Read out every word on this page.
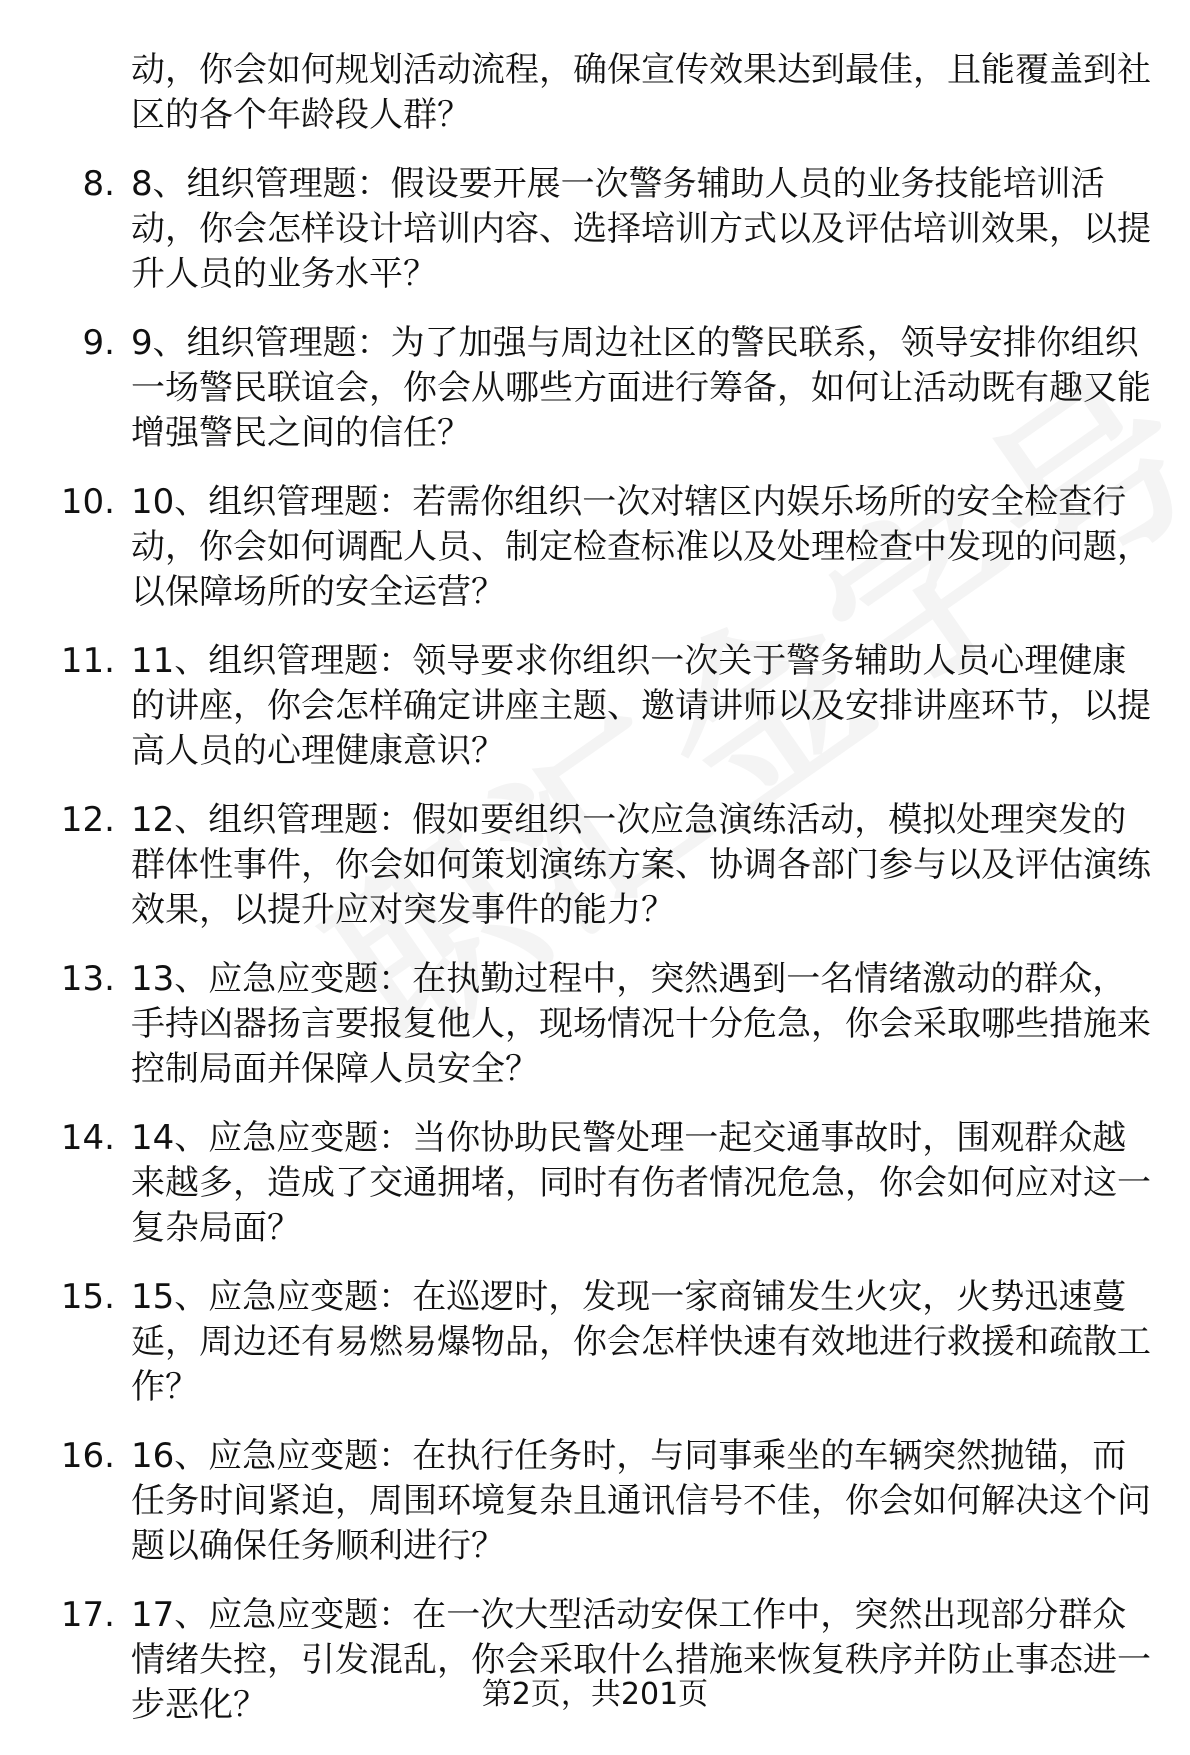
动，你会如何规划活动流程，确保宣传效果达到最佳，且能覆盖到社区的各个年龄段人群？
8. 8、组织管理题：假设要开展一次警务辅助人员的业务技能培训活动，你会怎样设计培训内容、选择培训方式以及评估培训效果，以提升人员的业务水平？
9. 9、组织管理题：为了加强与周边社区的警民联系，领导安排你组织一场警民联谊会，你会从哪些方面进行筹备，如何让活动既有趣又能增强警民之间的信任？
10. 10、组织管理题：若需你组织一次对辖区内娱乐场所的安全检查行动，你会如何调配人员、制定检查标准以及处理检查中发现的问题，以保障场所的安全运营？
11. 11、组织管理题：领导要求你组织一次关于警务辅助人员心理健康的讲座，你会怎样确定讲座主题、邀请讲师以及安排讲座环节，以提高人员的心理健康意识？
12. 12、组织管理题：假如要组织一次应急演练活动，模拟处理突发的群体性事件，你会如何策划演练方案、协调各部门参与以及评估演练效果，以提升应对突发事件的能力？
13. 13、应急应变题：在执勤过程中，突然遇到一名情绪激动的群众，手持凶器扬言要报复他人，现场情况十分危急，你会采取哪些措施来控制局面并保障人员安全？
14. 14、应急应变题：当你协助民警处理一起交通事故时，围观群众越来越多，造成了交通拥堵，同时有伤者情况危急，你会如何应对这一复杂局面？
15. 15、应急应变题：在巡逻时，发现一家商铺发生火灾，火势迅速蔓延，周边还有易燃易爆物品，你会怎样快速有效地进行救援和疏散工作？
16. 16、应急应变题：在执行任务时，与同事乘坐的车辆突然抛锚，而任务时间紧迫，周围环境复杂且通讯信号不佳，你会如何解决这个问题以确保任务顺利进行？
17. 17、应急应变题：在一次大型活动安保工作中，突然出现部分群众情绪失控，引发混乱，你会采取什么措施来恢复秩序并防止事态进一步恶化？	第2页，共201页
